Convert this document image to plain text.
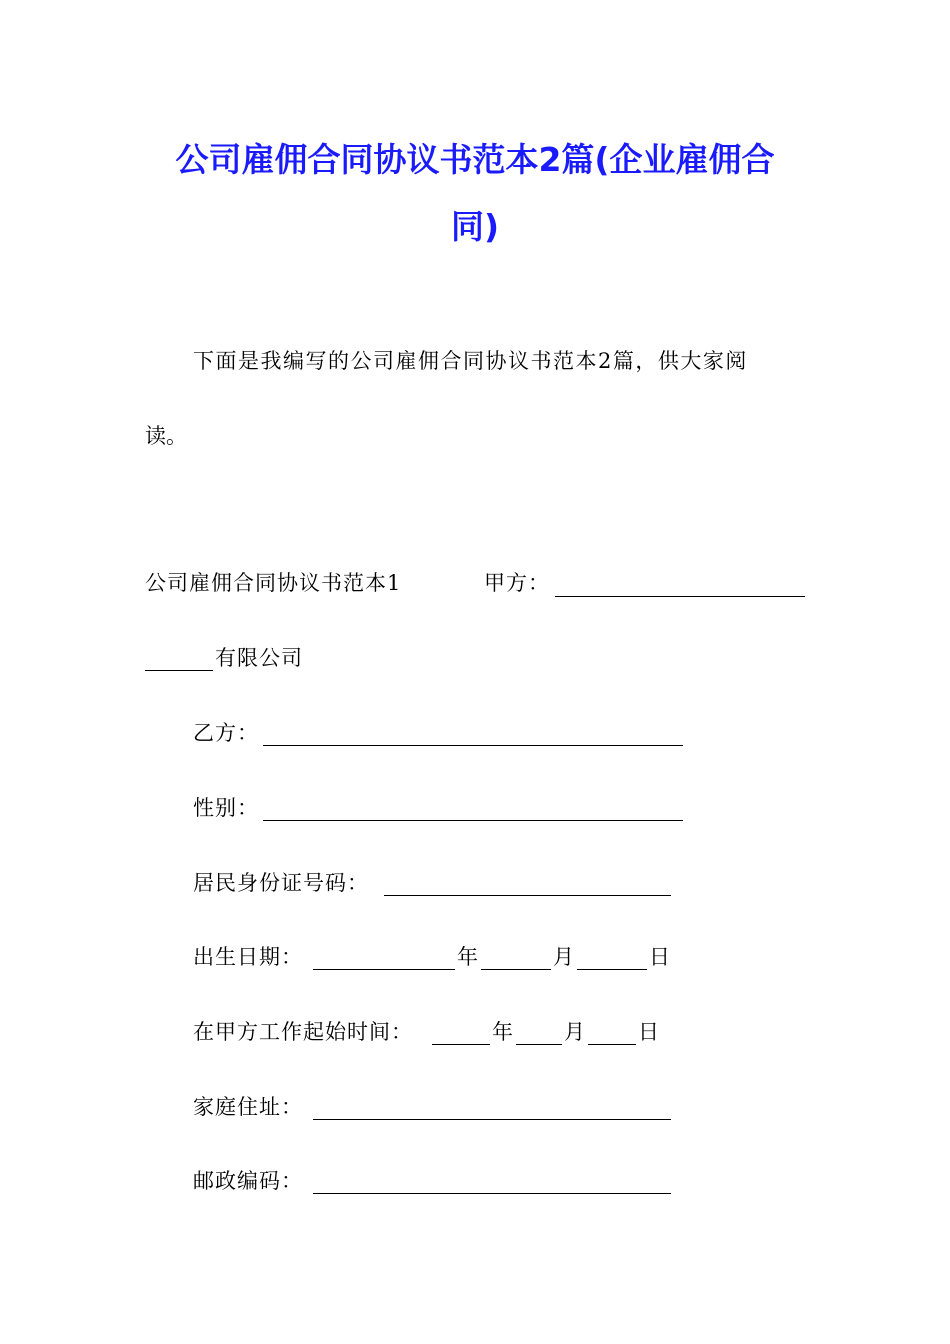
公司雇佣合同协议书范本2篇(企业雇佣合
同)

下面是我编写的公司雇佣合同协议书范本2篇，供大家阅

读。

公司雇佣合同协议书范本1	甲方：
有限公司
乙方：
性别：
居民身份证号码：
出生日期：	年	月	日
在甲方工作起始时间：	年 月 日
家庭住址：
邮政编码：
